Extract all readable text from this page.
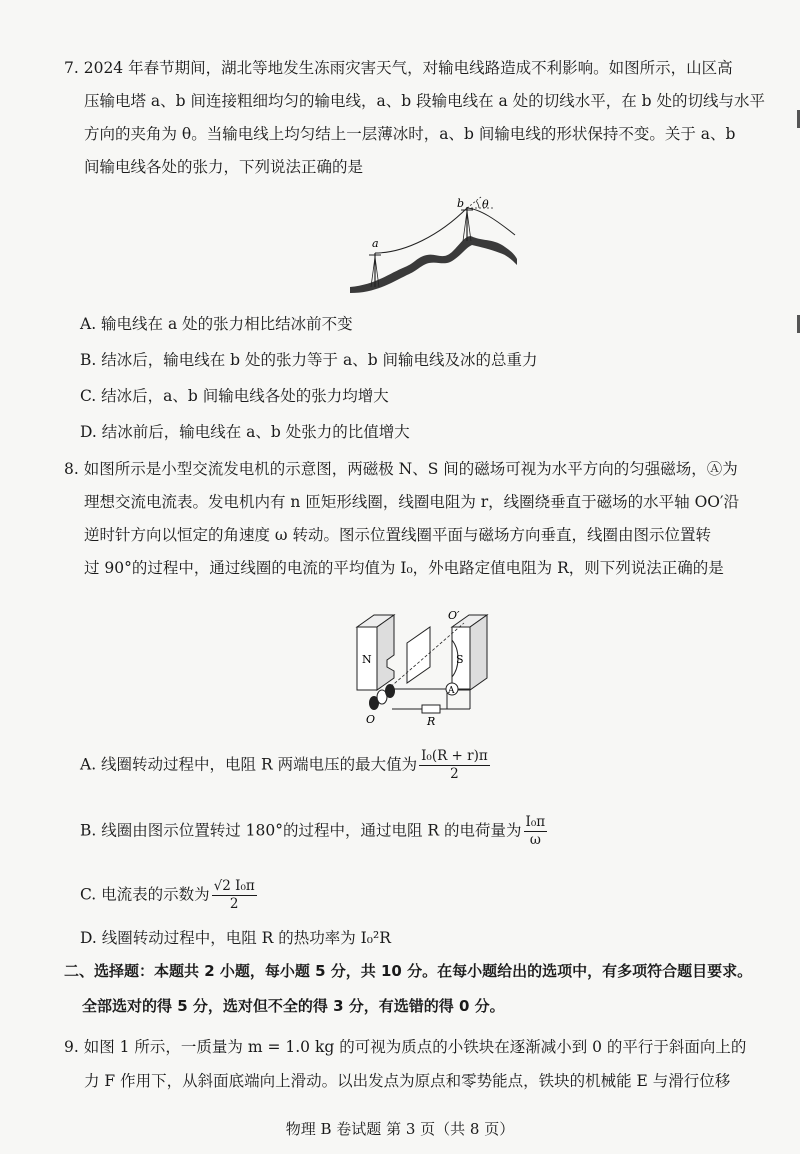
7. 2024 年春节期间，湖北等地发生冻雨灾害天气，对输电线路造成不利影响。如图所示，山区高
压输电塔 a、b 间连接粗细均匀的输电线，a、b 段输电线在 a 处的切线水平，在 b 处的切线与水平
方向的夹角为 θ。当输电线上均匀结上一层薄冰时，a、b 间输电线的形状保持不变。关于 a、b
间输电线各处的张力，下列说法正确的是
a
b θ
A. 输电线在 a 处的张力相比结冰前不变
B. 结冰后，输电线在 b 处的张力等于 a、b 间输电线及冰的总重力
C. 结冰后，a、b 间输电线各处的张力均增大
D. 结冰前后，输电线在 a、b 处张力的比值增大
8. 如图所示是小型交流发电机的示意图，两磁极 N、S 间的磁场可视为水平方向的匀强磁场，Ⓐ为
理想交流电流表。发电机内有 n 匝矩形线圈，线圈电阻为 r，线圈绕垂直于磁场的水平轴 OO′沿
逆时针方向以恒定的角速度 ω 转动。图示位置线圈平面与磁场方向垂直，线圈由图示位置转
过 90°的过程中，通过线圈的电流的平均值为 I₀，外电路定值电阻为 R，则下列说法正确的是
N	S
O′
O
A
R
A. 线圈转动过程中，电阻 R 两端电压的最大值为 $\frac{\text{I₀(R + r)π}}{2}$
B. 线圈由图示位置转过 180°的过程中，通过电阻 R 的电荷量为 $\frac{\text{I₀π}}{\omega}$
C. 电流表的示数为 $\frac{\text{√2 I₀π}}{2}$
D. 线圈转动过程中，电阻 R 的热功率为 I₀²R
二、选择题：本题共 2 小题，每小题 5 分，共 10 分。在每小题给出的选项中，有多项符合题目要求。
全部选对的得 5 分，选对但不全的得 3 分，有选错的得 0 分。
9. 如图 1 所示，一质量为 m = 1.0 kg 的可视为质点的小铁块在逐渐减小到 0 的平行于斜面向上的
力 F 作用下，从斜面底端向上滑动。以出发点为原点和零势能点，铁块的机械能 E 与滑行位移
物理 B 卷试题 第 3 页（共 8 页）
